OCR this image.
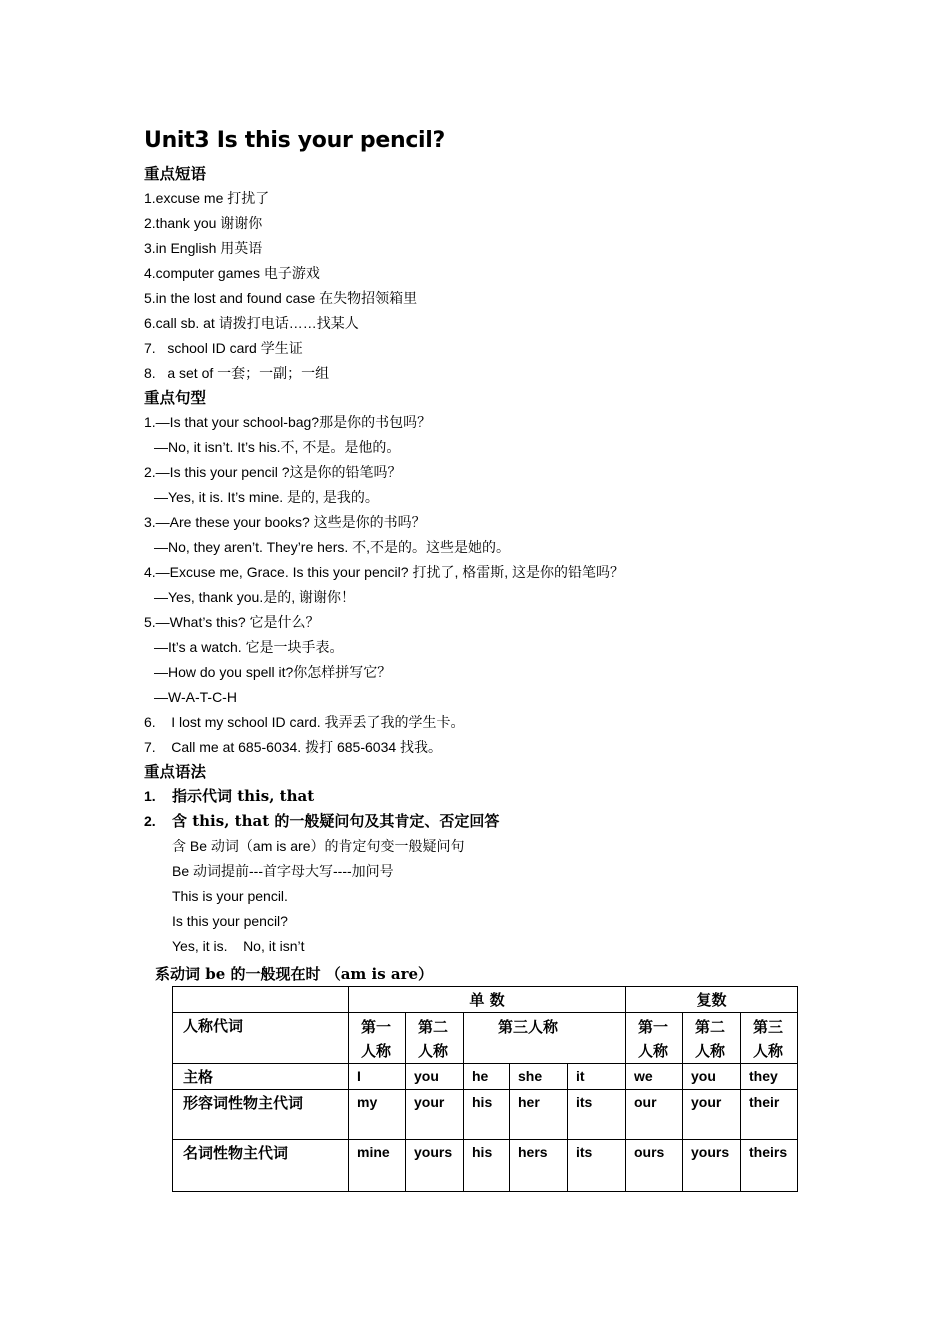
Unit3 Is this your pencil?
重点短语
1.excuse me 打扰了
2.thank you 谢谢你
3.in English 用英语
4.computer games 电子游戏
5.in the lost and found case 在失物招领箱里
6.call sb. at 请拨打电话……找某人
7.   school ID card 学生证
8.   a set of 一套；一副；一组
重点句型
1.—Is that your school-bag?那是你的书包吗？
—No, it isn’t. It’s his.不, 不是。是他的。
2.—Is this your pencil ?这是你的铅笔吗？
—Yes, it is. It’s mine. 是的, 是我的。
3.—Are these your books? 这些是你的书吗？
—No, they aren’t. They’re hers. 不,不是的。这些是她的。
4.—Excuse me, Grace. Is this your pencil? 打扰了, 格雷斯, 这是你的铅笔吗？
—Yes, thank you.是的, 谢谢你！
5.—What’s this? 它是什么？
—It’s a watch. 它是一块手表。
—How do you spell it?你怎样拼写它？
—W-A-T-C-H
6.    I lost my school ID card. 我弄丢了我的学生卡。
7.    Call me at 685-6034. 拨打 685-6034 找我。
重点语法
1. 指示代词 this, that
2. 含 this, that 的一般疑问句及其肯定、否定回答
含 Be 动词（am is are）的肯定句变一般疑问句
Be 动词提前---首字母大写----加问号
This is your pencil.
Is this your pencil?
Yes, it is.    No, it isn’t
系动词 be 的一般现在时 （am is are）
	单 数					复数		
人称代词	第一人称	第二人称	第三人称			第一人称	第二人称	第三人称
主格	I	you	he	she	it	we	you	they
形容词性物主代词	my	your	his	her	its	our	your	their
名词性物主代词	mine	yours	his	hers	its	ours	yours	theirs
